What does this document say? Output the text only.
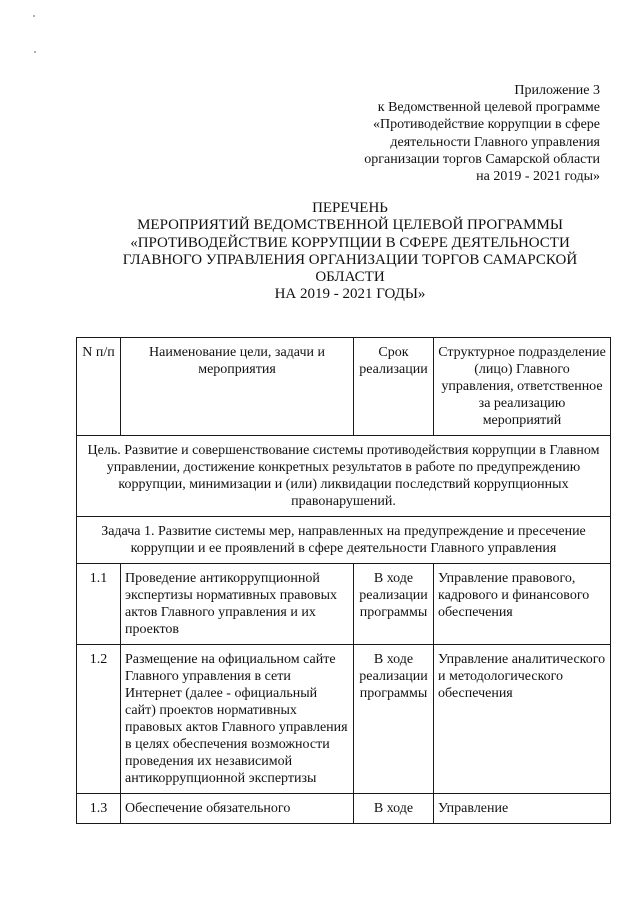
Приложение 3
к Ведомственной целевой программе
«Противодействие коррупции в сфере
деятельности Главного управления
организации торгов Самарской области
на 2019 - 2021 годы»
ПЕРЕЧЕНЬ
МЕРОПРИЯТИЙ ВЕДОМСТВЕННОЙ ЦЕЛЕВОЙ ПРОГРАММЫ
«ПРОТИВОДЕЙСТВИЕ КОРРУПЦИИ В СФЕРЕ ДЕЯТЕЛЬНОСТИ
ГЛАВНОГО УПРАВЛЕНИЯ ОРГАНИЗАЦИИ ТОРГОВ САМАРСКОЙ
ОБЛАСТИ
НА 2019 - 2021 ГОДЫ»
N п/п	Наименование цели, задачи и мероприятия	Срок реализации	Структурное подразделение (лицо) Главного управления, ответственное за реализацию мероприятий
Цель. Развитие и совершенствование системы противодействия коррупции в Главном управлении, достижение конкретных результатов в работе по предупреждению коррупции, минимизации и (или) ликвидации последствий коррупционных правонарушений.			
Задача 1. Развитие системы мер, направленных на предупреждение и пресечение коррупции и ее проявлений в сфере деятельности Главного управления			
1.1	Проведение антикоррупционной экспертизы нормативных правовых актов Главного управления и их проектов	В ходе реализации программы	Управление правового, кадрового и финансового обеспечения
1.2	Размещение на официальном сайте Главного управления в сети Интернет (далее - официальный сайт) проектов нормативных правовых актов Главного управления в целях обеспечения возможности проведения их независимой антикоррупционной экспертизы	В ходе реализации программы	Управление аналитического и методологического обеспечения
1.3	Обеспечение обязательного	В ходе	Управление
